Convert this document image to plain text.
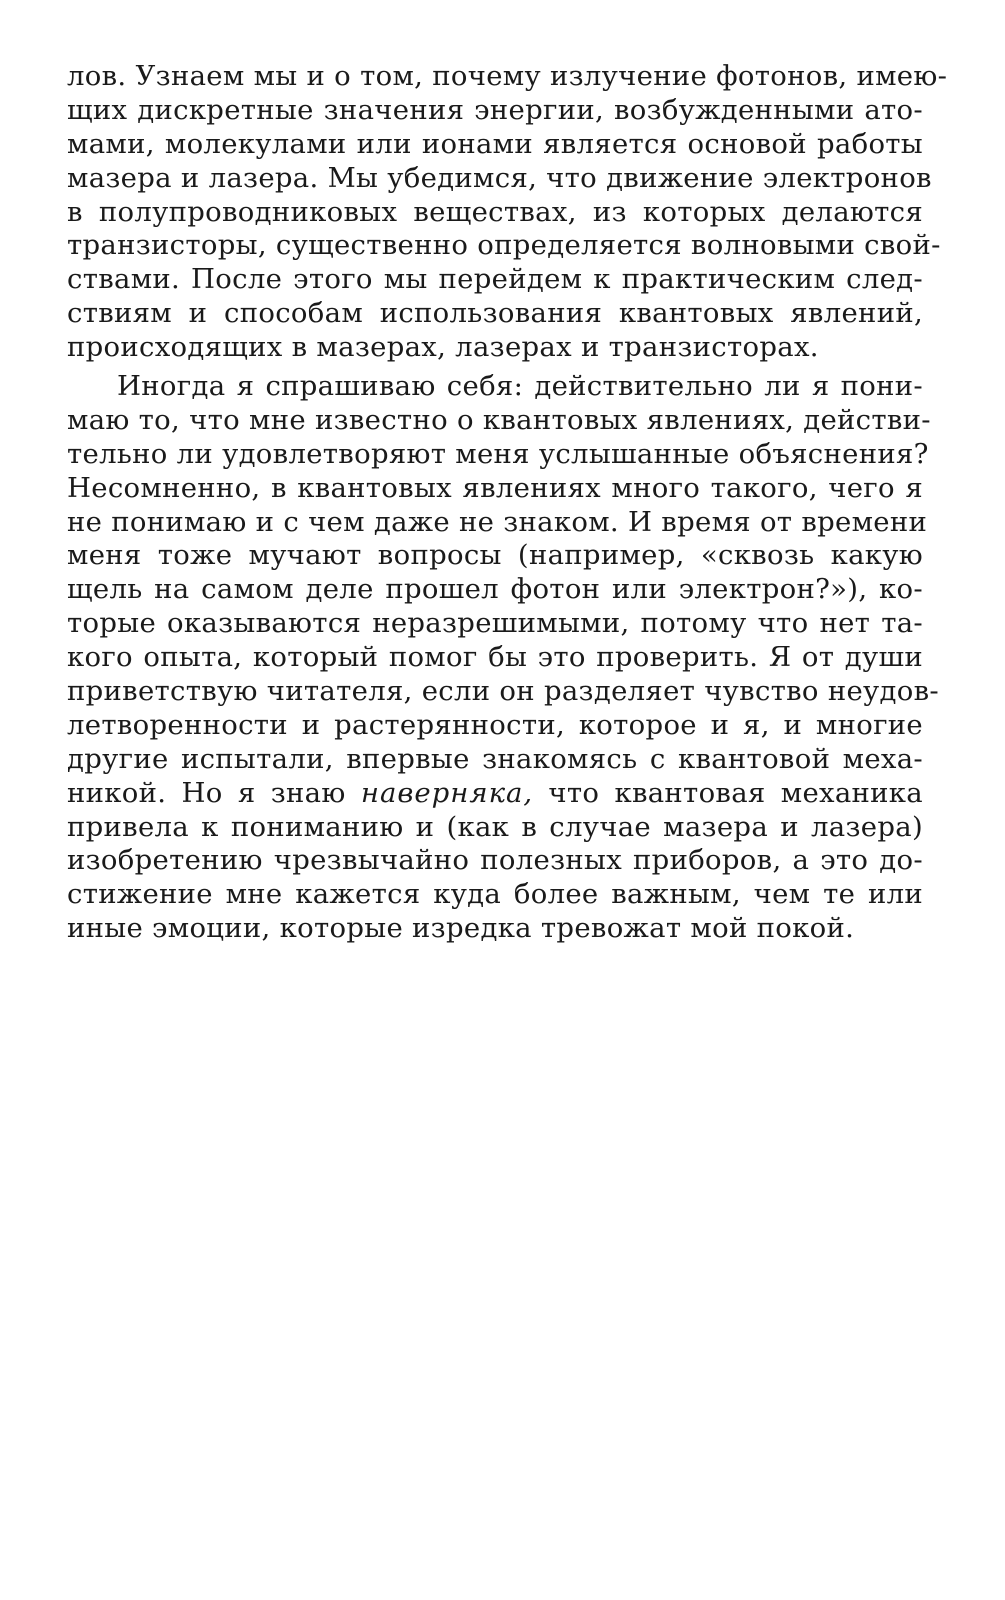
лов. Узнаем мы и о том, почему излучение фотонов, имею-
щих дискретные значения энергии, возбужденными ато-
мами, молекулами или ионами является основой работы
мазера и лазера. Мы убедимся, что движение электронов
в полупроводниковых веществах, из которых делаются
транзисторы, существенно определяется волновыми свой-
ствами. После этого мы перейдем к практическим след-
ствиям и способам использования квантовых явлений,
происходящих в мазерах, лазерах и транзисторах.
Иногда я спрашиваю себя: действительно ли я пони-
маю то, что мне известно о квантовых явлениях, действи-
тельно ли удовлетворяют меня услышанные объяснения?
Несомненно, в квантовых явлениях много такого, чего я
не понимаю и с чем даже не знаком. И время от времени
меня тоже мучают вопросы (например, «сквозь какую
щель на самом деле прошел фотон или электрон?»), ко-
торые оказываются неразрешимыми, потому что нет та-
кого опыта, который помог бы это проверить. Я от души
приветствую читателя, если он разделяет чувство неудов-
летворенности и растерянности, которое и я, и многие
другие испытали, впервые знакомясь с квантовой меха-
никой. Но я знаю наверняка, что квантовая механика
привела к пониманию и (как в случае мазера и лазера)
изобретению чрезвычайно полезных приборов, а это до-
стижение мне кажется куда более важным, чем те или
иные эмоции, которые изредка тревожат мой покой.
